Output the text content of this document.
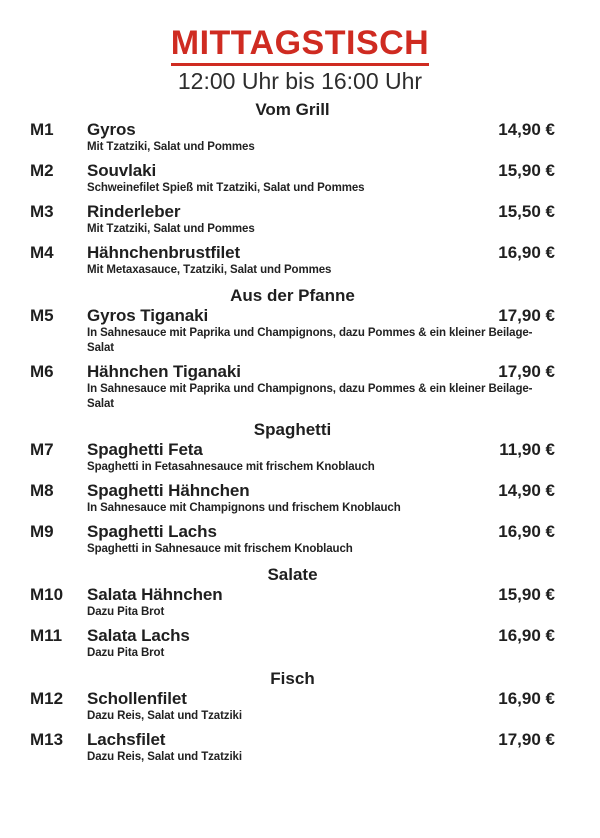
MITTAGSTISCH
12:00 Uhr bis 16:00 Uhr
Vom Grill
M1	Gyros	14,90 €
Mit Tzatziki, Salat und Pommes
M2	Souvlaki	15,90 €
Schweinefilet Spieß mit Tzatziki, Salat und Pommes
M3	Rinderleber	15,50 €
Mit Tzatziki, Salat und Pommes
M4	Hähnchenbrustfilet	16,90 €
Mit Metaxasauce, Tzatziki, Salat und Pommes
Aus der Pfanne
M5	Gyros Tiganaki	17,90 €
In Sahnesauce mit Paprika und Champignons, dazu Pommes & ein kleiner Beilage-Salat
M6	Hähnchen Tiganaki	17,90 €
In Sahnesauce mit Paprika und Champignons, dazu Pommes & ein kleiner Beilage-Salat
Spaghetti
M7	Spaghetti Feta	11,90 €
Spaghetti in Fetasahnesauce mit frischem Knoblauch
M8	Spaghetti Hähnchen	14,90 €
In Sahnesauce mit Champignons und frischem Knoblauch
M9	Spaghetti Lachs	16,90 €
Spaghetti in Sahnesauce mit frischem Knoblauch
Salate
M10	Salata Hähnchen	15,90 €
Dazu Pita Brot
M11	Salata Lachs	16,90 €
Dazu Pita Brot
Fisch
M12	Schollenfilet	16,90 €
Dazu Reis, Salat und Tzatziki
M13	Lachsfilet	17,90 €
Dazu Reis, Salat und Tzatziki
